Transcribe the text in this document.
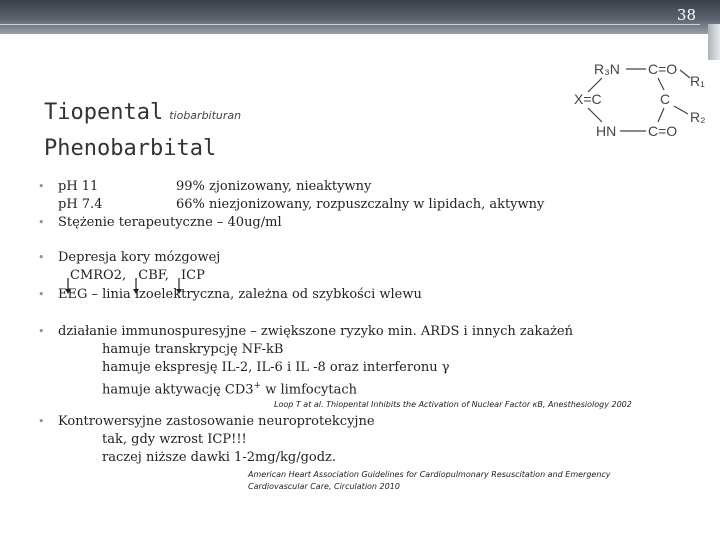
38
Tiopental tiobarbituran
Phenobarbital
R₃N C=O
R₁
X=C	C
R₂
HN C=O
• pH 11	99% zjonizowany, nieaktywny
pH 7.4	66% niezjonizowany, rozpuszczalny w lipidach, aktywny
• Stężenie terapeutyczne – 40ug/ml
• Depresja kory mózgowej
CMRO2, CBF, ICP
• EEG – linia izoelektryczna, zależna od szybkości wlewu
• działanie immunospuresyjne – zwiększone ryzyko min. ARDS i innych zakażeń
hamuje transkrypcję NF-kB
hamuje ekspresję IL-2, IL-6 i IL -8 oraz interferonu γ
hamuje aktywację CD3+ w limfocytach
Loop T at al. Thiopental Inhibits the Activation of Nuclear Factor κB, Anesthesiology 2002
• Kontrowersyjne zastosowanie neuroprotekcyjne
tak, gdy wzrost ICP!!!
raczej niższe dawki 1-2mg/kg/godz.
American Heart Association Guidelines for Cardiopulmonary Resuscitation and Emergency
Cardiovascular Care, Circulation 2010
